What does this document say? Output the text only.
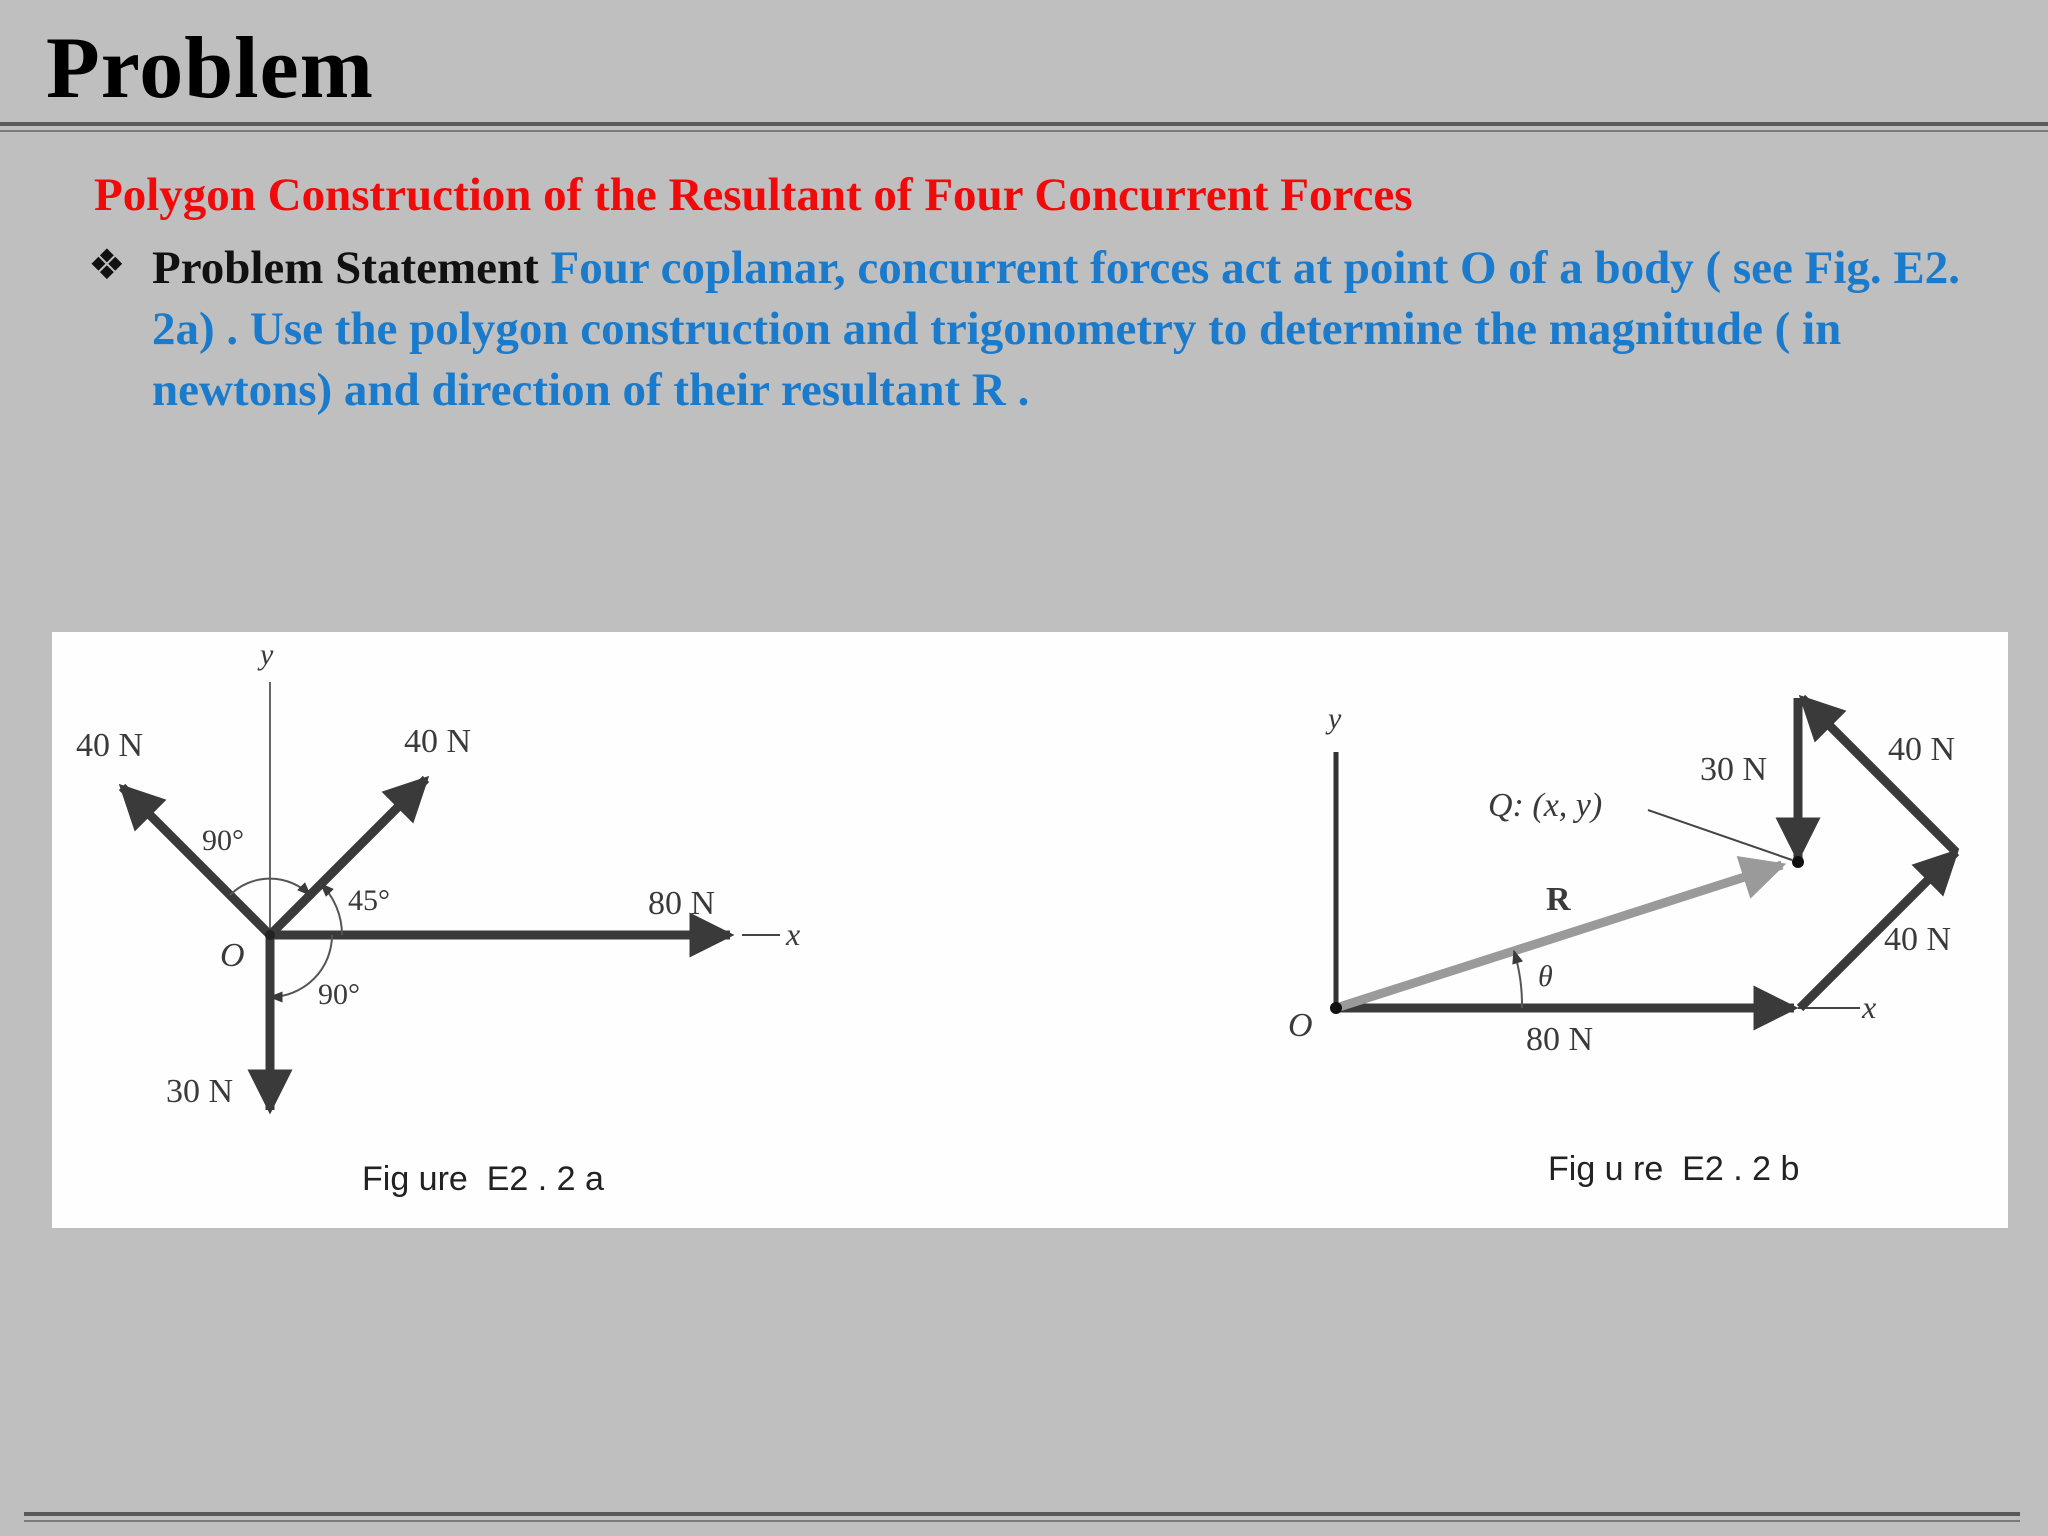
Problem
Polygon Construction of the Resultant of Four Concurrent Forces
❖ Problem Statement Four coplanar, concurrent forces act at point O of a body ( see Fig. E2. 2a) . Use the polygon construction and trigonometry to determine the magnitude ( in newtons) and direction of their resultant R .
y
x
80 N
40 N	40 N
30 N
O
90°
45°
90°
Fig ure  E2 . 2 a
y
x
80 N
40 N
40 N
30 N
R
Q: (x, y)
θ
O
Fig u re  E2 . 2 b
